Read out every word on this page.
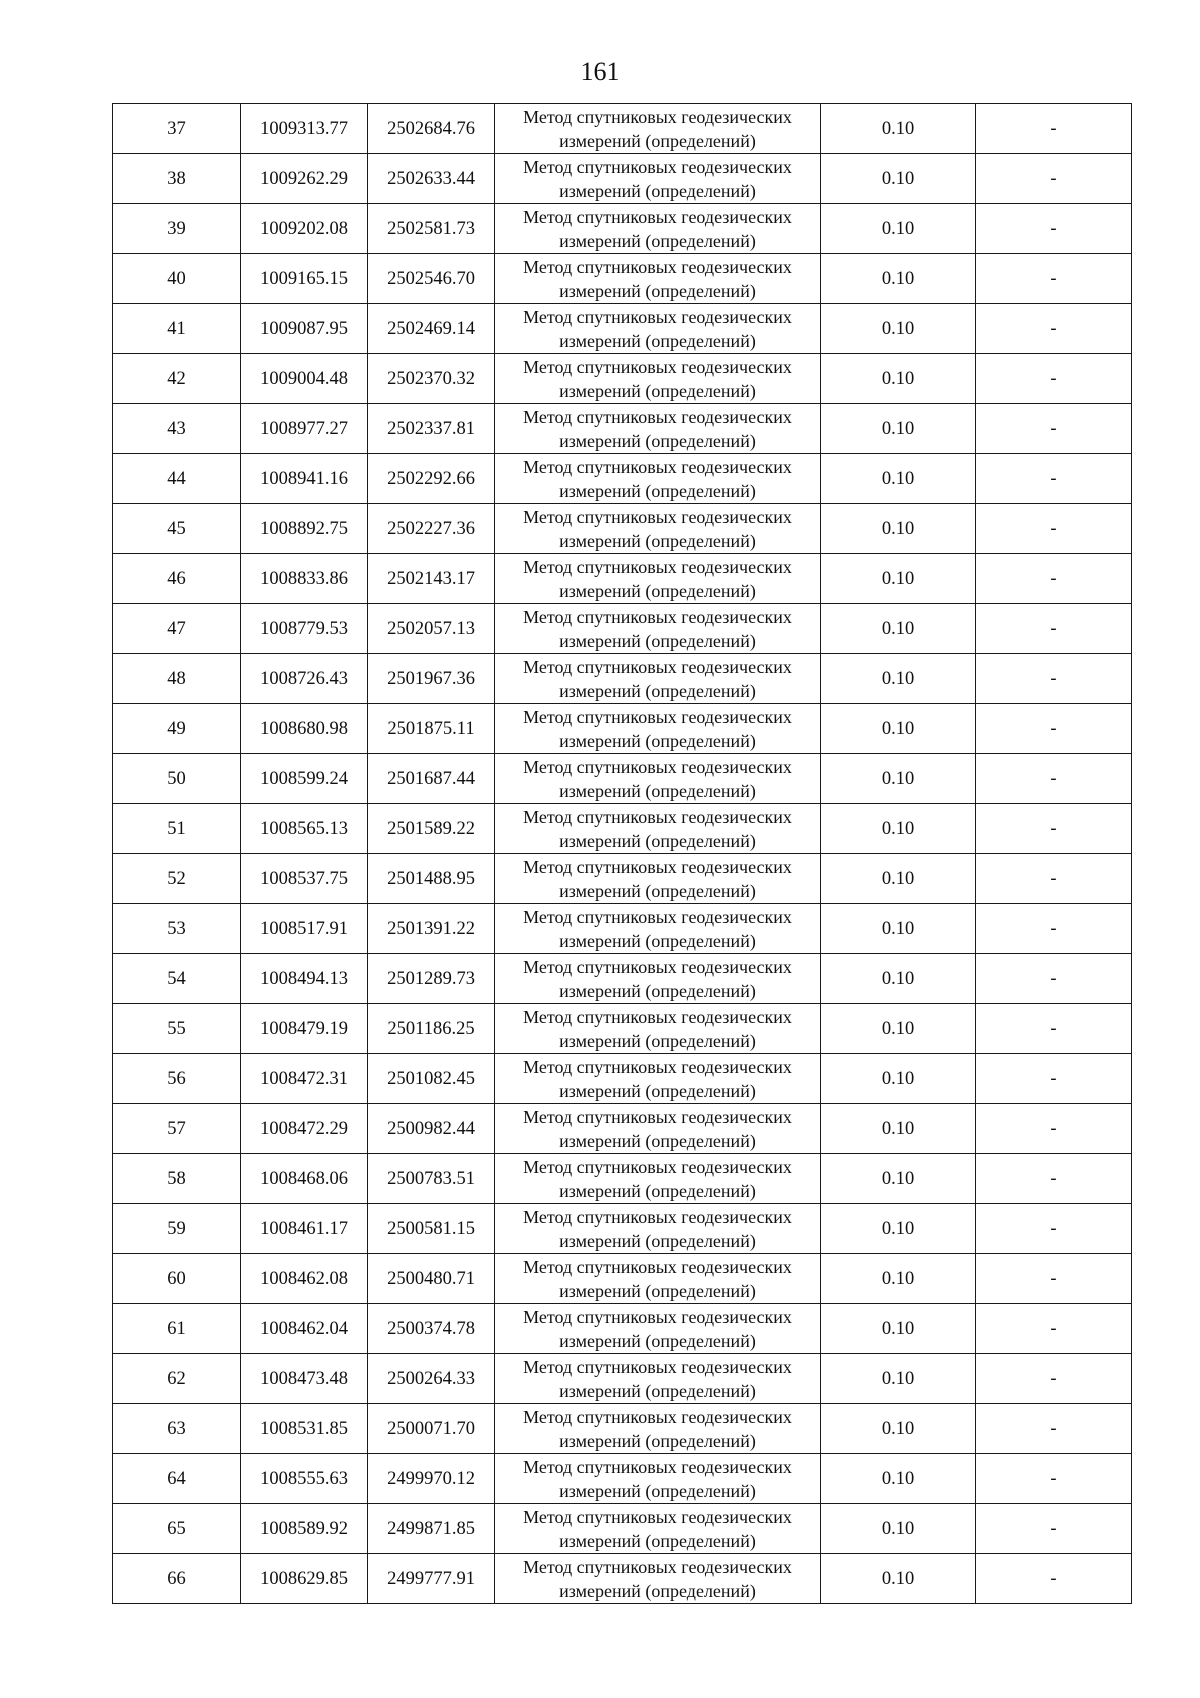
161
37	1009313.77	2502684.76	Метод спутниковых геодезических
измерений (определений)	0.10	-
38	1009262.29	2502633.44	Метод спутниковых геодезических
измерений (определений)	0.10	-
39	1009202.08	2502581.73	Метод спутниковых геодезических
измерений (определений)	0.10	-
40	1009165.15	2502546.70	Метод спутниковых геодезических
измерений (определений)	0.10	-
41	1009087.95	2502469.14	Метод спутниковых геодезических
измерений (определений)	0.10	-
42	1009004.48	2502370.32	Метод спутниковых геодезических
измерений (определений)	0.10	-
43	1008977.27	2502337.81	Метод спутниковых геодезических
измерений (определений)	0.10	-
44	1008941.16	2502292.66	Метод спутниковых геодезических
измерений (определений)	0.10	-
45	1008892.75	2502227.36	Метод спутниковых геодезических
измерений (определений)	0.10	-
46	1008833.86	2502143.17	Метод спутниковых геодезических
измерений (определений)	0.10	-
47	1008779.53	2502057.13	Метод спутниковых геодезических
измерений (определений)	0.10	-
48	1008726.43	2501967.36	Метод спутниковых геодезических
измерений (определений)	0.10	-
49	1008680.98	2501875.11	Метод спутниковых геодезических
измерений (определений)	0.10	-
50	1008599.24	2501687.44	Метод спутниковых геодезических
измерений (определений)	0.10	-
51	1008565.13	2501589.22	Метод спутниковых геодезических
измерений (определений)	0.10	-
52	1008537.75	2501488.95	Метод спутниковых геодезических
измерений (определений)	0.10	-
53	1008517.91	2501391.22	Метод спутниковых геодезических
измерений (определений)	0.10	-
54	1008494.13	2501289.73	Метод спутниковых геодезических
измерений (определений)	0.10	-
55	1008479.19	2501186.25	Метод спутниковых геодезических
измерений (определений)	0.10	-
56	1008472.31	2501082.45	Метод спутниковых геодезических
измерений (определений)	0.10	-
57	1008472.29	2500982.44	Метод спутниковых геодезических
измерений (определений)	0.10	-
58	1008468.06	2500783.51	Метод спутниковых геодезических
измерений (определений)	0.10	-
59	1008461.17	2500581.15	Метод спутниковых геодезических
измерений (определений)	0.10	-
60	1008462.08	2500480.71	Метод спутниковых геодезических
измерений (определений)	0.10	-
61	1008462.04	2500374.78	Метод спутниковых геодезических
измерений (определений)	0.10	-
62	1008473.48	2500264.33	Метод спутниковых геодезических
измерений (определений)	0.10	-
63	1008531.85	2500071.70	Метод спутниковых геодезических
измерений (определений)	0.10	-
64	1008555.63	2499970.12	Метод спутниковых геодезических
измерений (определений)	0.10	-
65	1008589.92	2499871.85	Метод спутниковых геодезических
измерений (определений)	0.10	-
66	1008629.85	2499777.91	Метод спутниковых геодезических
измерений (определений)	0.10	-
